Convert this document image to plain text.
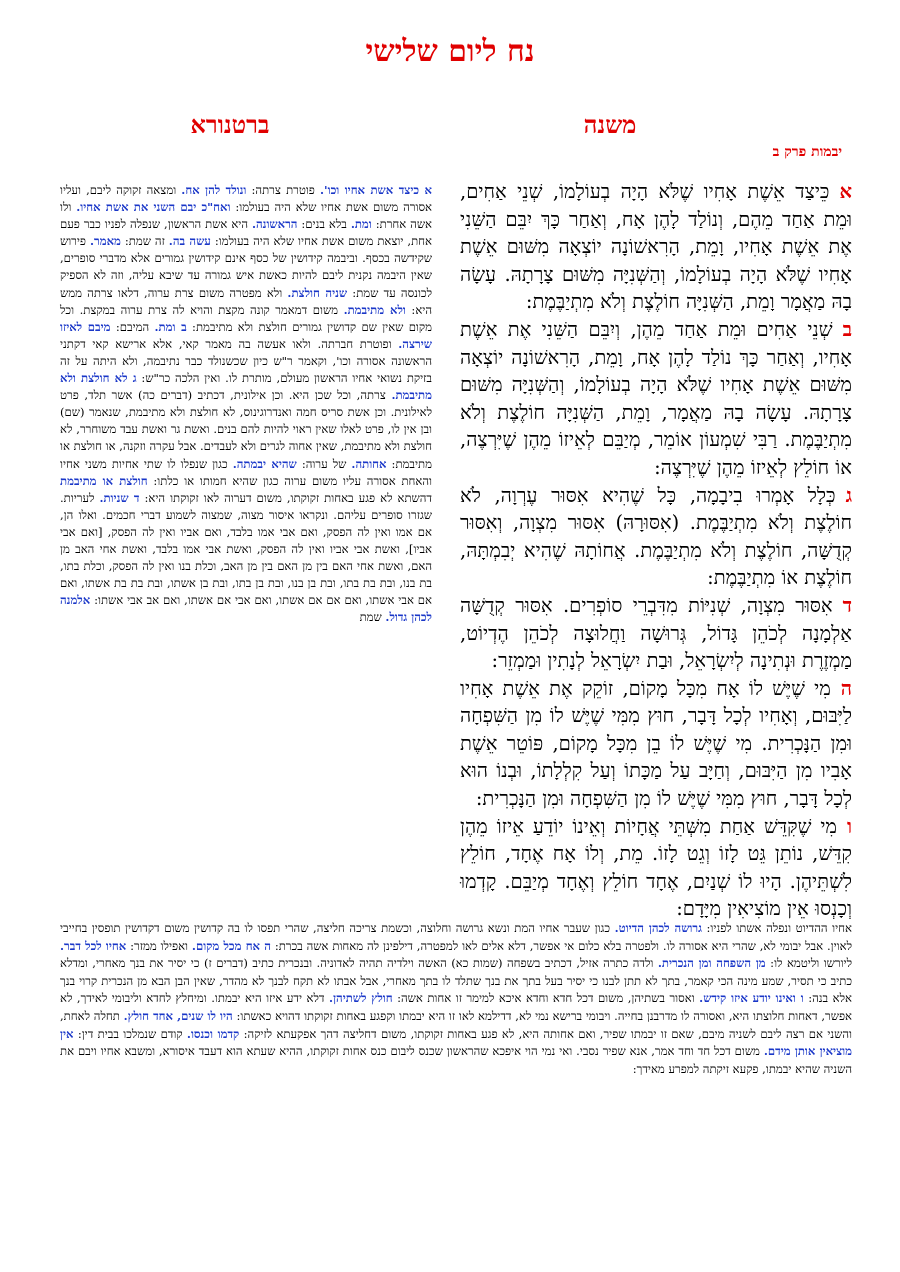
נח ליום שלישי
משנה
ברטנורא
יבמות פרק ב

אכֵּיצַד אֵשֶׁת אָחִיו שֶׁלֹּא הָיָה בְעוֹלָמוֹ, שְׁנֵי אַחִים, וּמֵת אַחַד מֵהֶם, וְנוֹלַד לָהֶן אָח, וְאַחַר כָּךְ יִבֵּם הַשֵּׁנִי אֶת אֵשֶׁת אָחִיו, וָמֵת, הָרִאשׁוֹנָה יוֹצְאָה מִשּׁוּם אֵשֶׁת אָחִיו שֶׁלֹּא הָיָה בְעוֹלָמוֹ, וְהַשְּׁנִיָּה מִשּׁוּם צָרָתָהּ. עָשָׂה בָהּ מַאֲמָר וָמֵת, הַשְּׁנִיָּה חוֹלֶצֶת וְלֹא מִתְיַבֶּמֶת:

בשְׁנֵי אַחִים וּמֵת אַחַד מֵהֶן, וְיִבֵּם הַשֵּׁנִי אֶת אֵשֶׁת אָחִיו, וְאַחַר כָּךְ נוֹלַד לָהֶן אָח, וָמֵת, הָרִאשׁוֹנָה יוֹצְאָה מִשּׁוּם אֵשֶׁת אָחִיו שֶׁלֹּא הָיָה בְעוֹלָמוֹ, וְהַשְּׁנִיָּה מִשּׁוּם צָרָתָהּ. עָשָׂה בָהּ מַאֲמָר, וָמֵת, הַשְּׁנִיָּה חוֹלֶצֶת וְלֹא מִתְיַבֶּמֶת. רַבִּי שִׁמְעוֹן אוֹמֵר, מְיַבֵּם לְאֵיזוֹ מֵהֶן שֶׁיִּרְצֶה, אוֹ חוֹלֵץ לְאֵיזוֹ מֵהֶן שֶׁיִּרְצֶה:

גכְּלָל אָמְרוּ בִיבָמָה, כָּל שֶׁהִיא אִסּוּר עֶרְוָה, לֹא חוֹלֶצֶת וְלֹא מִתְיַבֶּמֶת. (אִסּוּרָהּ) אִסּוּר מִצְוָה, וְאִסּוּר קְדֻשָּׁה, חוֹלֶצֶת וְלֹא מִתְיַבֶּמֶת. אֲחוֹתָהּ שֶׁהִיא יְבִמְתָּהּ, חוֹלֶצֶת אוֹ מִתְיַבֶּמֶת:

דאִסּוּר מִצְוָה, שְׁנִיּוֹת מִדִּבְרֵי סוֹפְרִים. אִסּוּר קְדֻשָּׁה אַלְמָנָה לְכֹהֵן גָּדוֹל, גְּרוּשָׁה וַחֲלוּצָה לְכֹהֵן הֶדְיוֹט, מַמְזֶרֶת וּנְתִינָה לְיִשְׂרָאֵל, וּבַת יִשְׂרָאֵל לְנָתִין וּמַמְזֵר:

המִי שֶׁיֶּשׁ לוֹ אָח מִכָּל מָקוֹם, זוֹקֵק אֶת אֵשֶׁת אָחִיו לַיִּבּוּם, וְאָחִיו לְכָל דָּבָר, חוּץ מִמִּי שֶׁיֶּשׁ לוֹ מִן הַשִּׁפְחָה וּמִן הַנָּכְרִית. מִי שֶׁיֶּשׁ לוֹ בֵן מִכָּל מָקוֹם, פּוֹטֵר אֵשֶׁת אָבִיו מִן הַיִּבּוּם, וְחַיָּב עַל מַכָּתוֹ וְעַל קִלְלָתוֹ, וּבְנוֹ הוּא לְכָל דָּבָר, חוּץ מִמִּי שֶׁיֶּשׁ לוֹ מִן הַשִּׁפְחָה וּמִן הַנָּכְרִית:

ומִי שֶׁקִּדֵּשׁ אַחַת מִשְּׁתֵּי אֲחָיוֹת וְאֵינוֹ יוֹדֵעַ אֵיזוֹ מֵהֶן קִדֵּשׁ, נוֹתֵן גֵּט לָזוֹ וְגֵט לָזוֹ. מֵת, וְלוֹ אָח אֶחָד, חוֹלֵץ לִשְׁתֵּיהֶן. הָיוּ לוֹ שְׁנַיִם, אֶחָד חוֹלֵץ וְאֶחָד מְיַבֵּם. קָדְמוּ וְכָנְסוּ אֵין מוֹצִיאִין מִיָּדָם:

א כיצד אשת אחיו וכו'. פוטרת צרתה: ונולד להן אח. ומצאה זקוקה ליבם, ועליו אסורה משום אשת אחיו שלא היה בעולמו: ואח"כ יבם השני את אשת אחיו. ולו אשה אחרת: ומת. בלא בנים: הראשונה. היא אשת הראשון, שנפלה לפניו כבר פעם אחת, יוצאת משום אשת אחיו שלא היה בעולמו: עשה בה. זה שמת: מאמר. פירוש שקידשה בכסף. וביבמה קידושין של כסף אינם קידושין גמורים אלא מדברי סופרים, שאין היבמה נקנית ליבם להיות כאשת איש גמורה עד שיבא עליה, וזה לא הספיק לכונסה עד שמת: שניה חולצת. ולא מפטרה משום צרת ערוה, דלאו צרתה ממש היא: ולא מתיבמת. משום דמאמר קונה מקצת והויא לה צרת ערוה במקצת. וכל מקום שאין שם קדושין גמורים חולצת ולא מתיבמת: ב ומת. המיבם: מיבם לאיזו שירצה. ופוטרת חברתה. ולאו אעשה בה מאמר קאי, אלא ארישא קאי דקתני הראשונה אסורה וכו', וקאמר ר"ש כיון שכשנולד כבר נתיבמה, ולא היתה על זה בזיקת נשואי אחיו הראשון מעולם, מותרת לו. ואין הלכה כר"ש: ג לא חולצת ולא מתיבמת. צרתה, וכל שכן היא. וכן אילונית, דכתיב (דברים כה) אשר תלד, פרט לאילונית. וכן אשת סריס חמה ואנדרוגינוס, לא חולצת ולא מתיבמת, שנאמר (שם) ובן אין לו, פרט לאלו שאין ראוי להיות להם בנים. ואשת גר ואשת עבד משוחרר, לא חולצת ולא מתיבמת, שאין אחוה לגרים ולא לעבדים. אבל עקרה וזקנה, או חולצת או מתיבמת: אחותה. של ערוה: שהיא יבמתה. כגון שנפלו לו שתי אחיות משני אחיו והאחת אסורה עליו משום ערוה כגון שהיא חמותו או כלתו: חולצת או מתיבמת דהשתא לא פגע באחות זקוקתו, משום דערוה לאו זקוקתו היא: ד שניות. לעריות. שגזרו סופרים עליהם. ונקראו איסור מצוה, שמצוה לשמוע דברי חכמים. ואלו הן, אם אמו ואין לה הפסק, ואם אבי אמו בלבד, ואם אביו ואין לה הפסק, [ואם אבי אביו], ואשת אבי אביו ואין לה הפסק, ואשת אבי אמו בלבד, ואשת אחי האב מן האם, ואשת אחי האם בין מן האם בין מן האב, וכלת בנו ואין לה הפסק, וכלת בתו, בת בנו, ובת בת בתו, ובת בן בנו, ובת בן בתו, ובת בן אשתו, ובת בת בת אשתו, ואם אם אבי אשתו, ואם אם אם אשתו, ואם אבי אם אשתו, ואם אב אבי אשתו: אלמנה לכהן גדול. שמת
אחיו ההדיוט ונפלה אשתו לפניו: גרושה לכהן הדיוט. כגון שעבר אחיו המת ונשא גרושה וחלוצה, וכשמת צריכה חליצה, שהרי תפסו לו בה קדושין משום דקדושין תופסין בחייבי לאוין. אבל יבומי לא, שהרי היא אסורה לו. ולפטרה בלא כלום אי אפשר, דלא אלים לאו למפטרה, דילפינן לה מאחות אשה בכרת: ה אח מכל מקום. ואפילו ממזר: אחיו לכל דבר. ליורשו וליטמא לו: מן השפחה ומן הנכרית. ולדה כתרה אזיל, דכתיב בשפחה (שמות כא) האשה וילדיה תהיה לאדוניה. ובנכרית כתיב (דברים ז) כי יסיר את בנך מאחרי, ומדלא כתיב כי תסיר, שמע מינה הכי קאמר, בתך לא תתן לבנו כי יסיר בעל בתך את בנך שתלד לו בתך מאחרי, אבל אבתו לא תקח לבנך לא מהדר, שאין הבן הבא מן הנכרית קרוי בנך אלא בנה: ו ואינו יודע איזו קידש. ואסור בשתיהן, משום דכל חדא וחדא איכא למימר זו אחות אשה: חולץ לשתיהן. דלא ידע איזו היא יבמתו. ומיחלץ לחדא וליבומי לאידך, לא אפשר, דאחות חלוצתו היא, ואסורה לו מדרבנן בחייה. ויבומי ברישא נמי לא, דדילמא לאו זו היא יבמתו וקפגע באחות זקוקתו דהויא כאשתו: היו לו שנים, אחד חולץ. תחלה לאחת, והשני אם רצה ליבם לשניה מיבם, שאם זו יבמתו שפיר, ואם אחותה היא, לא פגע באחות זקוקתו, משום דחליצה דהך אפקעתא לזיקה: קדמו וכנסו. קודם שנמלכו בבית דין: אין מוציאין אותן מידם. משום דכל חד וחד אמר, אנא שפיר נסבי. ואי נמי הוי איפכא שהראשון שכנס ליבום כנס אחות זקוקתו, ההיא שעתא הוא דעבד איסורא, ומשבא אחיו ויבם את השניה שהיא יבמתו, פקעא זיקתה למפרע מאידך:
